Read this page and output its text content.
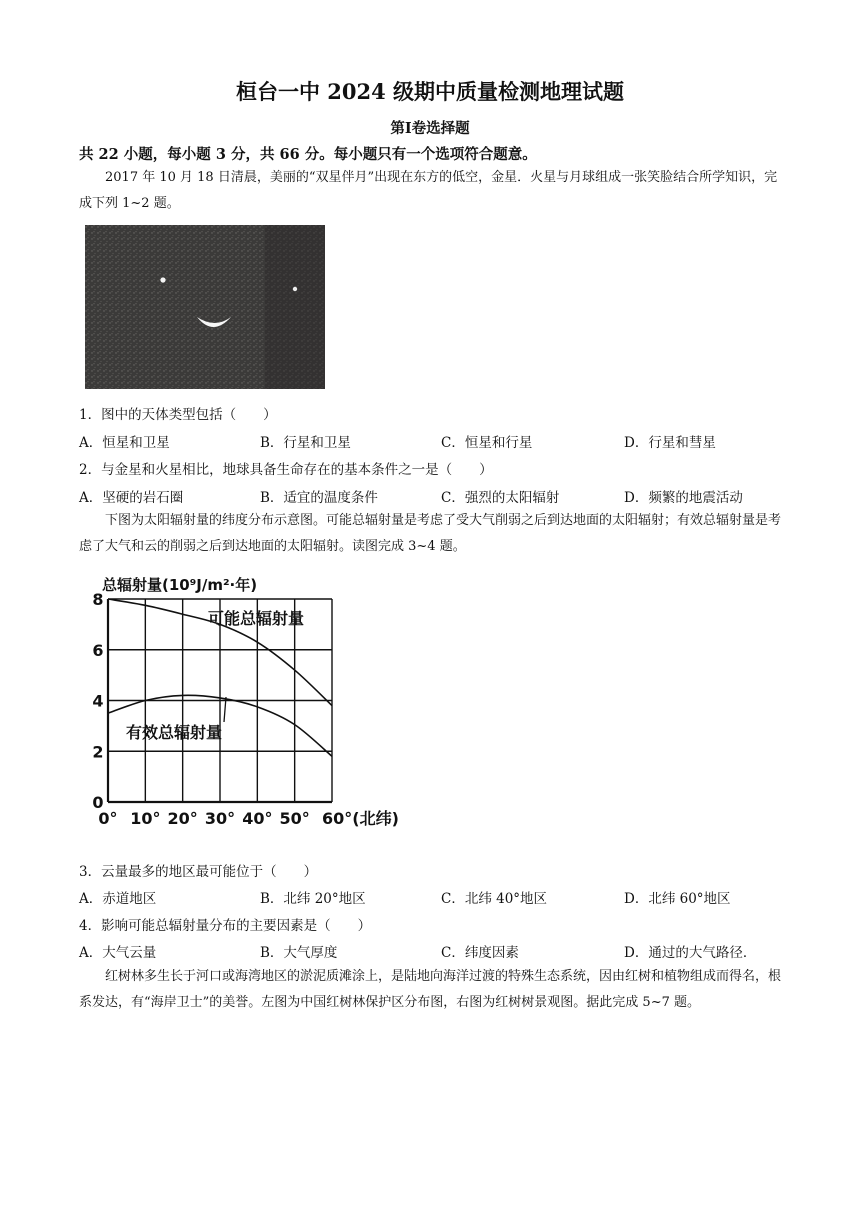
桓台一中 2024 级期中质量检测地理试题
第Ⅰ卷选择题
共 22 小题，每小题 3 分，共 66 分。每小题只有一个选项符合题意。

2017 年 10 月 18 日清晨，美丽的“双星伴月”出现在东方的低空，金星．火星与月球组成一张笑脸结合所学知识，完成下列 1~2 题。

1．图中的天体类型包括（　　）
A．恒星和卫星	B．行星和卫星	C．恒星和行星	D．行星和彗星
2．与金星和火星相比，地球具备生命存在的基本条件之一是（　　）
A．坚硬的岩石圈	B．适宜的温度条件	C．强烈的太阳辐射	D．频繁的地震活动

下图为太阳辐射量的纬度分布示意图。可能总辐射量是考虑了受大气削弱之后到达地面的太阳辐射；有效总辐射量是考虑了大气和云的削弱之后到达地面的太阳辐射。读图完成 3~4 题。

总辐射量(10⁹J/m²·年)
0
2
4
6
8
0° 10° 20° 30° 40° 50° 60°(北纬)
可能总辐射量
有效总辐射量
3．云量最多的地区最可能位于（　　）
A．赤道地区	B．北纬 20°地区	C．北纬 40°地区	D．北纬 60°地区
4．影响可能总辐射量分布的主要因素是（　　）
A．大气云量	B．大气厚度	C．纬度因素	D．通过的大气路径．

红树林多生长于河口或海湾地区的淤泥质滩涂上，是陆地向海洋过渡的特殊生态系统，因由红树和植物组成而得名，根系发达，有“海岸卫士”的美誉。左图为中国红树林保护区分布图，右图为红树树景观图。据此完成 5~7 题。
